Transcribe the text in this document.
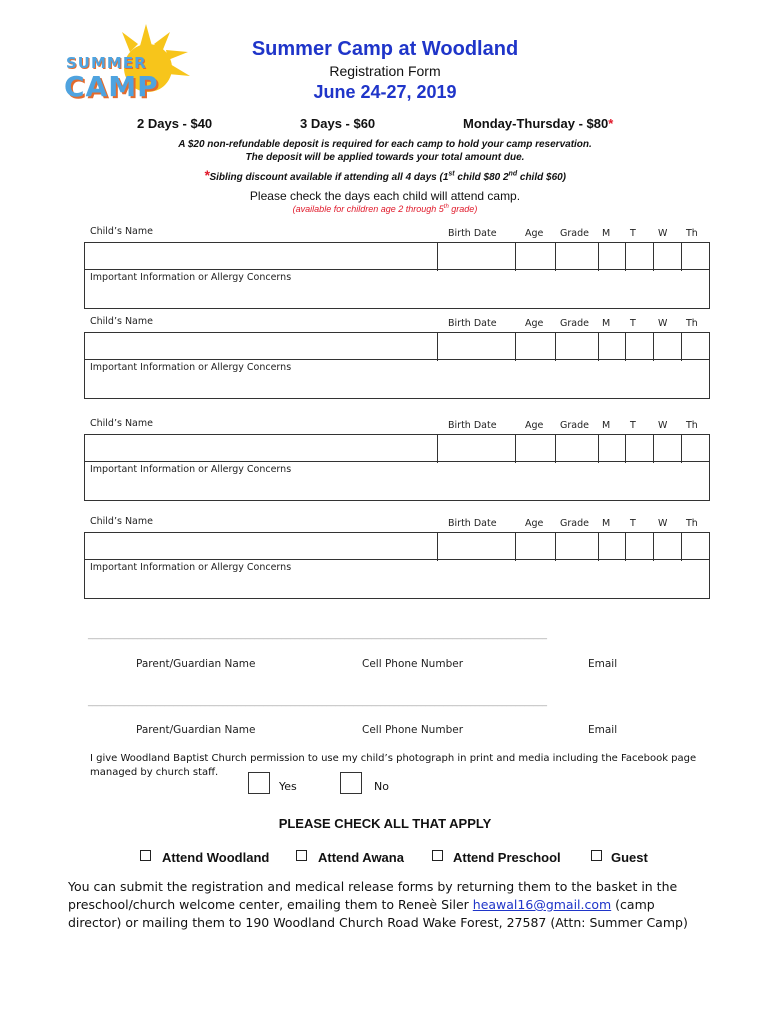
SUMMER
CAMP
Summer Camp at Woodland
Registration Form
June 24-27, 2019
2 Days - $40	3 Days - $60	Monday-Thursday - $80*
A $20 non-refundable deposit is required for each camp to hold your camp reservation.
The deposit will be applied towards your total amount due.
*Sibling discount available if attending all 4 days (1st child $80 2nd child $60)
Please check the days each child will attend camp.
(available for children age 2 through 5th grade)
Child’s Name	Birth Date	Age Grade M T W Th
Important Information or Allergy Concerns
Child’s Name	Birth Date	Age Grade M T W Th
Important Information or Allergy Concerns
Child’s Name	Birth Date	Age Grade M T W Th
Important Information or Allergy Concerns
Child’s Name	Birth Date	Age Grade M T W Th
Important Information or Allergy Concerns
______________________________________________________________________________________________________
Parent/Guardian Name	Cell Phone Number	Email
______________________________________________________________________________________________________
Parent/Guardian Name	Cell Phone Number	Email
I give Woodland Baptist Church permission to use my child’s photograph in print and media including the Facebook page managed by church staff.
Yes	No
PLEASE CHECK ALL THAT APPLY
Attend Woodland	Attend Awana	Attend Preschool	Guest
You can submit the registration and medical release forms by returning them to the basket in the preschool/church welcome center, emailing them to Reneè Siler heawal16@gmail.com (camp director) or mailing them to 190 Woodland Church Road Wake Forest, 27587 (Attn: Summer Camp)
